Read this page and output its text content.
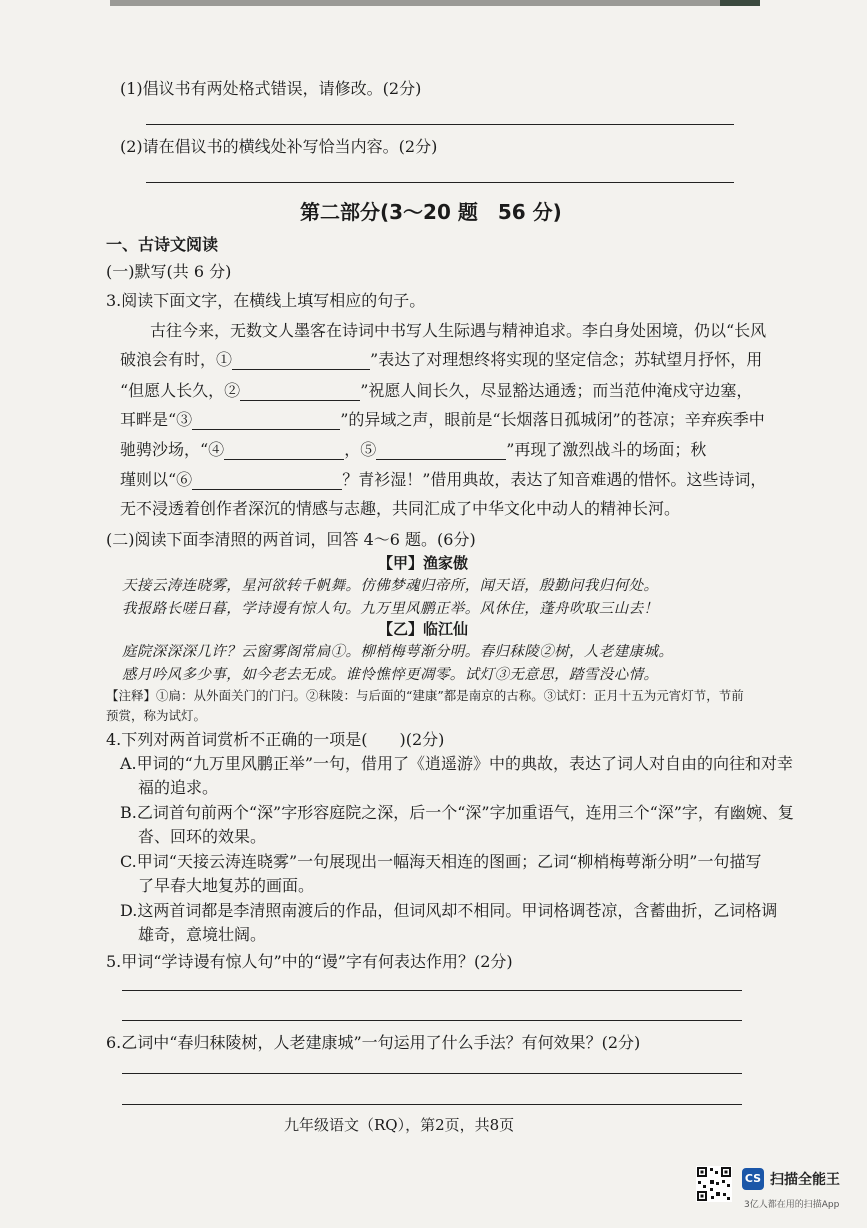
(1)倡议书有两处格式错误，请修改。(2分)
(2)请在倡议书的横线处补写恰当内容。(2分)
第二部分(3～20 题　56 分)
一、古诗文阅读
(一)默写(共 6 分)
3.阅读下面文字，在横线上填写相应的句子。
古往今来，无数文人墨客在诗词中书写人生际遇与精神追求。李白身处困境，仍以“长风
破浪会有时，①	”表达了对理想终将实现的坚定信念；苏轼望月抒怀，用
“但愿人长久，②	”祝愿人间长久，尽显豁达通透；而当范仲淹戍守边塞，
耳畔是“③	”的异域之声，眼前是“长烟落日孤城闭”的苍凉；辛弃疾季中
驰骋沙场，“④	，⑤	”再现了激烈战斗的场面；秋
瑾则以“⑥	？青衫湿！”借用典故，表达了知音难遇的惜怀。这些诗词，
无不浸透着创作者深沉的情感与志趣，共同汇成了中华文化中动人的精神长河。
(二)阅读下面李清照的两首词，回答 4～6 题。(6分)
【甲】渔家傲
天接云涛连晓雾，星河欲转千帆舞。仿佛梦魂归帝所，闻天语，殷勤问我归何处。
我报路长嗟日暮，学诗谩有惊人句。九万里风鹏正举。风休住，蓬舟吹取三山去！
【乙】临江仙
庭院深深深几许？云窗雾阁常扃①。柳梢梅萼渐分明。春归秣陵②树，人老建康城。
感月吟风多少事，如今老去无成。谁怜憔悴更凋零。试灯③无意思，踏雪没心情。
【注释】①扃：从外面关门的门闩。②秣陵：与后面的“建康”都是南京的古称。③试灯：正月十五为元宵灯节，节前
预赏，称为试灯。
4.下列对两首词赏析不正确的一项是(　　)(2分)
A.甲词的“九万里风鹏正举”一句，借用了《逍遥游》中的典故，表达了词人对自由的向往和对幸
福的追求。
B.乙词首句前两个“深”字形容庭院之深，后一个“深”字加重语气，连用三个“深”字，有幽婉、复
沓、回环的效果。
C.甲词“天接云涛连晓雾”一句展现出一幅海天相连的图画；乙词“柳梢梅萼渐分明”一句描写
了早春大地复苏的画面。
D.这两首词都是李清照南渡后的作品，但词风却不相同。甲词格调苍凉，含蓄曲折，乙词格调
雄奇，意境壮阔。
5.甲词“学诗谩有惊人句”中的“谩”字有何表达作用？(2分)
6.乙词中“春归秣陵树，人老建康城”一句运用了什么手法？有何效果？(2分)
九年级语文（RQ），第2页，共8页
CS 扫描全能王
3亿人都在用的扫描App
